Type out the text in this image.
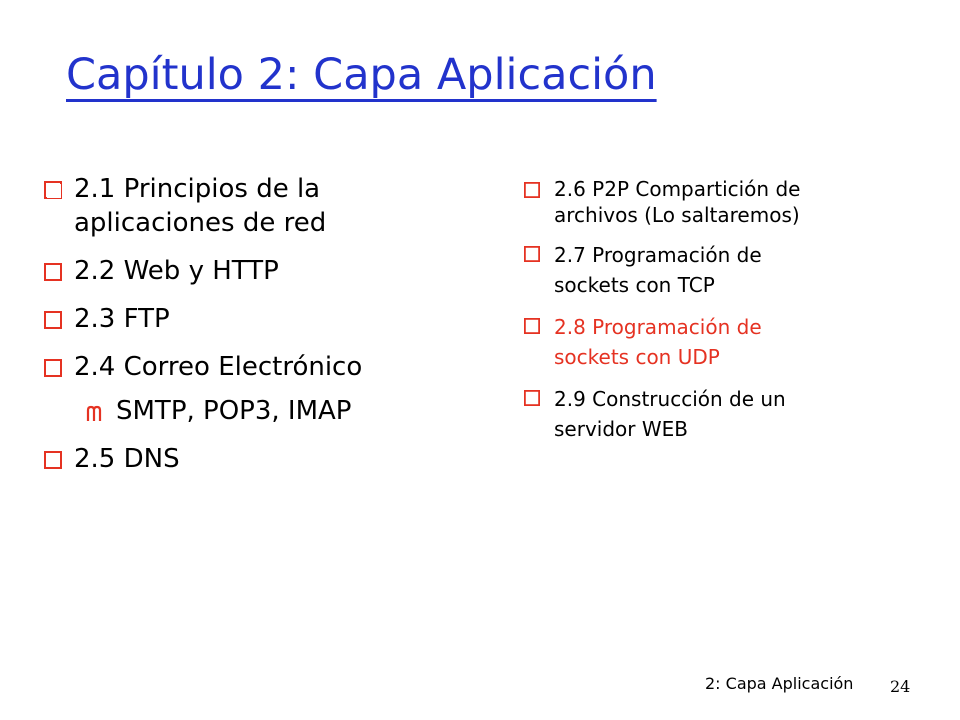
Capítulo 2: Capa Aplicación
2.1 Principios de la
aplicaciones de red
2.2 Web y HTTP
2.3 FTP
2.4 Correo Electrónico
SMTP, POP3, IMAP
2.5 DNS
2.6 P2P Compartición de
archivos (Lo saltaremos)
2.7 Programación de
sockets con TCP
2.8 Programación de
sockets con UDP
2.9 Construcción de un
servidor WEB
2: Capa Aplicación 24
